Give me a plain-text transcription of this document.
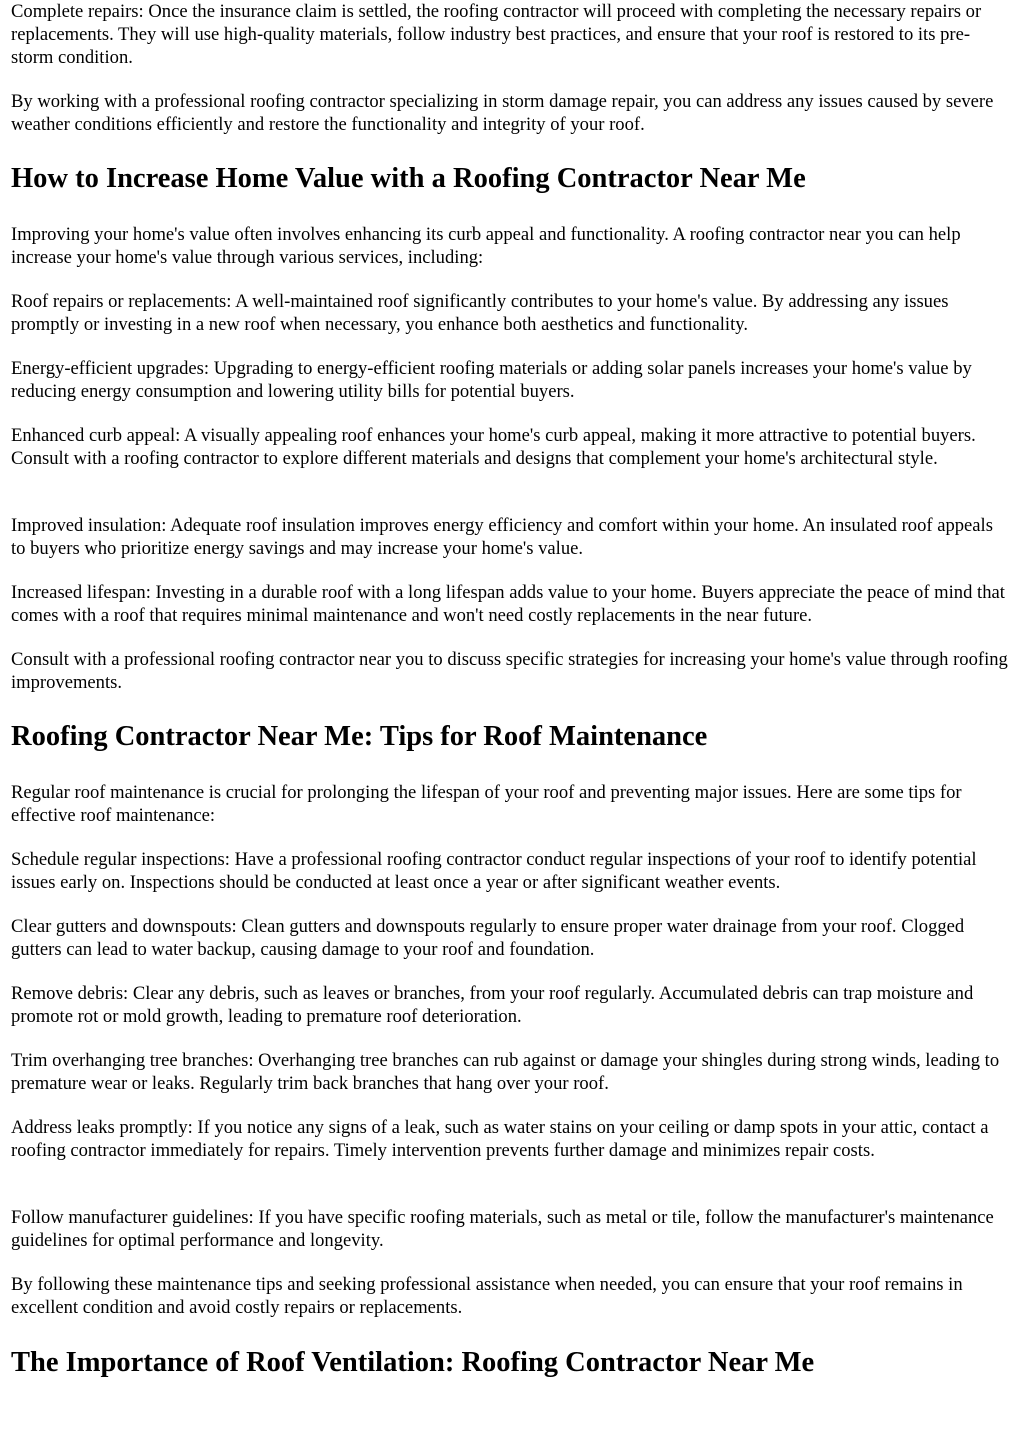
Complete repairs: Once the insurance claim is settled, the roofing contractor will proceed with completing the necessary repairs or replacements. They will use high-quality materials, follow industry best practices, and ensure that your roof is restored to its pre-storm condition.

By working with a professional roofing contractor specializing in storm damage repair, you can address any issues caused by severe weather conditions efficiently and restore the functionality and integrity of your roof.

How to Increase Home Value with a Roofing Contractor Near Me

Improving your home's value often involves enhancing its curb appeal and functionality. A roofing contractor near you can help increase your home's value through various services, including:

Roof repairs or replacements: A well-maintained roof significantly contributes to your home's value. By addressing any issues promptly or investing in a new roof when necessary, you enhance both aesthetics and functionality.

Energy-efficient upgrades: Upgrading to energy-efficient roofing materials or adding solar panels increases your home's value by reducing energy consumption and lowering utility bills for potential buyers.

Enhanced curb appeal: A visually appealing roof enhances your home's curb appeal, making it more attractive to potential buyers. Consult with a roofing contractor to explore different materials and designs that complement your home's architectural style.

Improved insulation: Adequate roof insulation improves energy efficiency and comfort within your home. An insulated roof appeals to buyers who prioritize energy savings and may increase your home's value.

Increased lifespan: Investing in a durable roof with a long lifespan adds value to your home. Buyers appreciate the peace of mind that comes with a roof that requires minimal maintenance and won't need costly replacements in the near future.

Consult with a professional roofing contractor near you to discuss specific strategies for increasing your home's value through roofing improvements.

Roofing Contractor Near Me: Tips for Roof Maintenance

Regular roof maintenance is crucial for prolonging the lifespan of your roof and preventing major issues. Here are some tips for effective roof maintenance:

Schedule regular inspections: Have a professional roofing contractor conduct regular inspections of your roof to identify potential issues early on. Inspections should be conducted at least once a year or after significant weather events.

Clear gutters and downspouts: Clean gutters and downspouts regularly to ensure proper water drainage from your roof. Clogged gutters can lead to water backup, causing damage to your roof and foundation.

Remove debris: Clear any debris, such as leaves or branches, from your roof regularly. Accumulated debris can trap moisture and promote rot or mold growth, leading to premature roof deterioration.

Trim overhanging tree branches: Overhanging tree branches can rub against or damage your shingles during strong winds, leading to premature wear or leaks. Regularly trim back branches that hang over your roof.

Address leaks promptly: If you notice any signs of a leak, such as water stains on your ceiling or damp spots in your attic, contact a roofing contractor immediately for repairs. Timely intervention prevents further damage and minimizes repair costs.

Follow manufacturer guidelines: If you have specific roofing materials, such as metal or tile, follow the manufacturer's maintenance guidelines for optimal performance and longevity.

By following these maintenance tips and seeking professional assistance when needed, you can ensure that your roof remains in excellent condition and avoid costly repairs or replacements.

The Importance of Roof Ventilation: Roofing Contractor Near Me
